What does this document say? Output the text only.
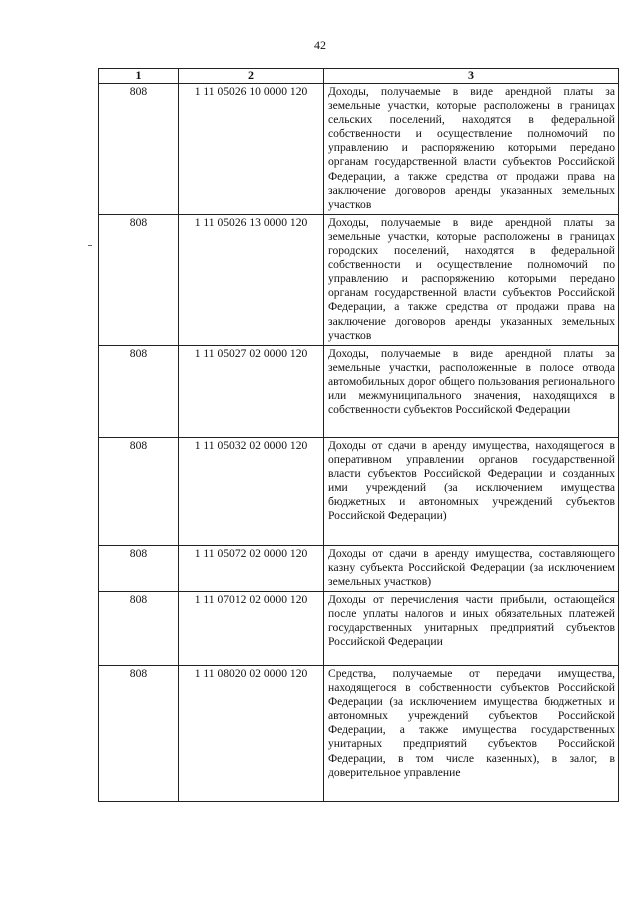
42
1	2	3
808	1 11 05026 10 0000 120	Доходы, получаемые в виде арендной платы за земельные участки, которые расположены в границах сельских поселений, находятся в федеральной собственности и осуществление полномочий по управлению и распоряжению которыми передано органам государственной власти субъектов Российской Федерации, а также средства от продажи права на заключение договоров аренды указанных земельных участков
808	1 11 05026 13 0000 120	Доходы, получаемые в виде арендной платы за земельные участки, которые расположены в границах городских поселений, находятся в федеральной собственности и осуществление полномочий по управлению и распоряжению которыми передано органам государственной власти субъектов Российской Федерации, а также средства от продажи права на заключение договоров аренды указанных земельных участков
808	1 11 05027 02 0000 120	Доходы, получаемые в виде арендной платы за земельные участки, расположенные в полосе отвода автомобильных дорог общего пользования регионального или межмуниципального значения, находящихся в собственности субъектов Российской Федерации
808	1 11 05032 02 0000 120	Доходы от сдачи в аренду имущества, находящегося в оперативном управлении органов государственной власти субъектов Российской Федерации и созданных ими учреждений (за исключением имущества бюджетных и автономных учреждений субъектов Российской Федерации)
808	1 11 05072 02 0000 120	Доходы от сдачи в аренду имущества, составляющего казну субъекта Российской Федерации (за исключением земельных участков)
808	1 11 07012 02 0000 120	Доходы от перечисления части прибыли, остающейся после уплаты налогов и иных обязательных платежей государственных унитарных предприятий субъектов Российской Федерации
808	1 11 08020 02 0000 120	Средства, получаемые от передачи имущества, находящегося в собственности субъектов Российской Федерации (за исключением имущества бюджетных и автономных учреждений субъектов Российской Федерации, а также имущества государственных унитарных предприятий субъектов Российской Федерации, в том числе казенных), в залог, в доверительное управление
